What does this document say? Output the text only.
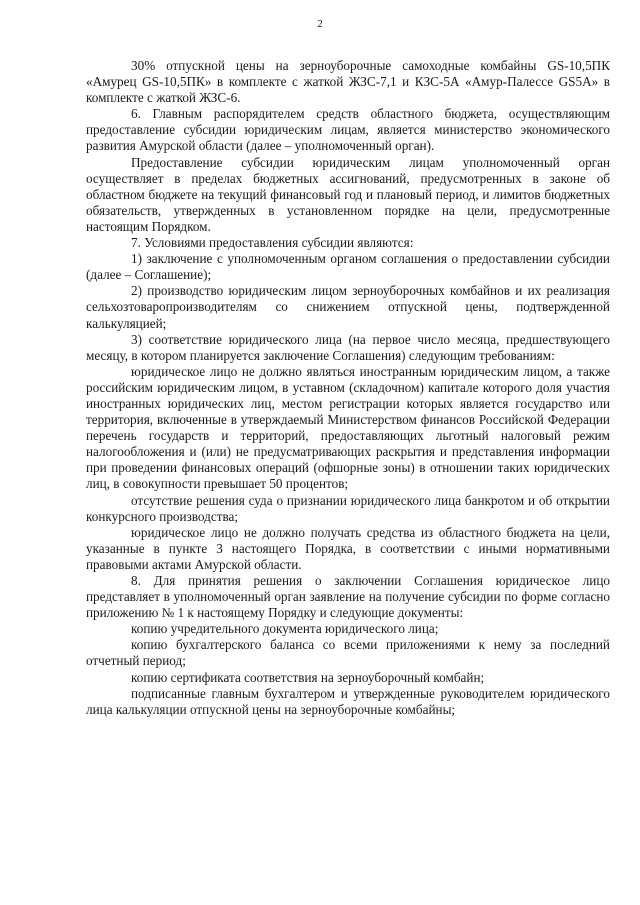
2

30% отпускной цены на зерноуборочные самоходные комбайны GS-10,5ПК «Амурец GS-10,5ПК» в комплекте с жаткой ЖЗС-7,1 и КЗС-5А «Амур-Палессе GS5А» в комплекте с жаткой ЖЗС-6.

6. Главным распорядителем средств областного бюджета, осуществляющим предоставление субсидии юридическим лицам, является министерство экономического развития Амурской области (далее – уполномоченный орган).

Предоставление субсидии юридическим лицам уполномоченный орган осуществляет в пределах бюджетных ассигнований, предусмотренных в законе об областном бюджете на текущий финансовый год и плановый период, и лимитов бюджетных обязательств, утвержденных в установленном порядке на цели, предусмотренные настоящим Порядком.

7. Условиями предоставления субсидии являются:

1) заключение с уполномоченным органом соглашения о предоставлении субсидии (далее – Соглашение);

2) производство юридическим лицом зерноуборочных комбайнов и их реализация сельхозтоваропроизводителям со снижением отпускной цены, подтвержденной калькуляцией;

3) соответствие юридического лица (на первое число месяца, предшествующего месяцу, в котором планируется заключение Соглашения) следующим требованиям:

юридическое лицо не должно являться иностранным юридическим лицом, а также российским юридическим лицом, в уставном (складочном) капитале которого доля участия иностранных юридических лиц, местом регистрации которых является государство или территория, включенные в утверждаемый Министерством финансов Российской Федерации перечень государств и территорий, предоставляющих льготный налоговый режим налогообложения и (или) не предусматривающих раскрытия и представления информации при проведении финансовых операций (офшорные зоны) в отношении таких юридических лиц, в совокупности превышает 50 процентов;

отсутствие решения суда о признании юридического лица банкротом и об открытии конкурсного производства;

юридическое лицо не должно получать средства из областного бюджета на цели, указанные в пункте 3 настоящего Порядка, в соответствии с иными нормативными правовыми актами Амурской области.

8. Для принятия решения о заключении Соглашения юридическое лицо представляет в уполномоченный орган заявление на получение субсидии по форме согласно приложению № 1 к настоящему Порядку и следующие документы:

копию учредительного документа юридического лица;

копию бухгалтерского баланса со всеми приложениями к нему за последний отчетный период;

копию сертификата соответствия на зерноуборочный комбайн;

подписанные главным бухгалтером и утвержденные руководителем юридического лица калькуляции отпускной цены на зерноуборочные комбайны;
